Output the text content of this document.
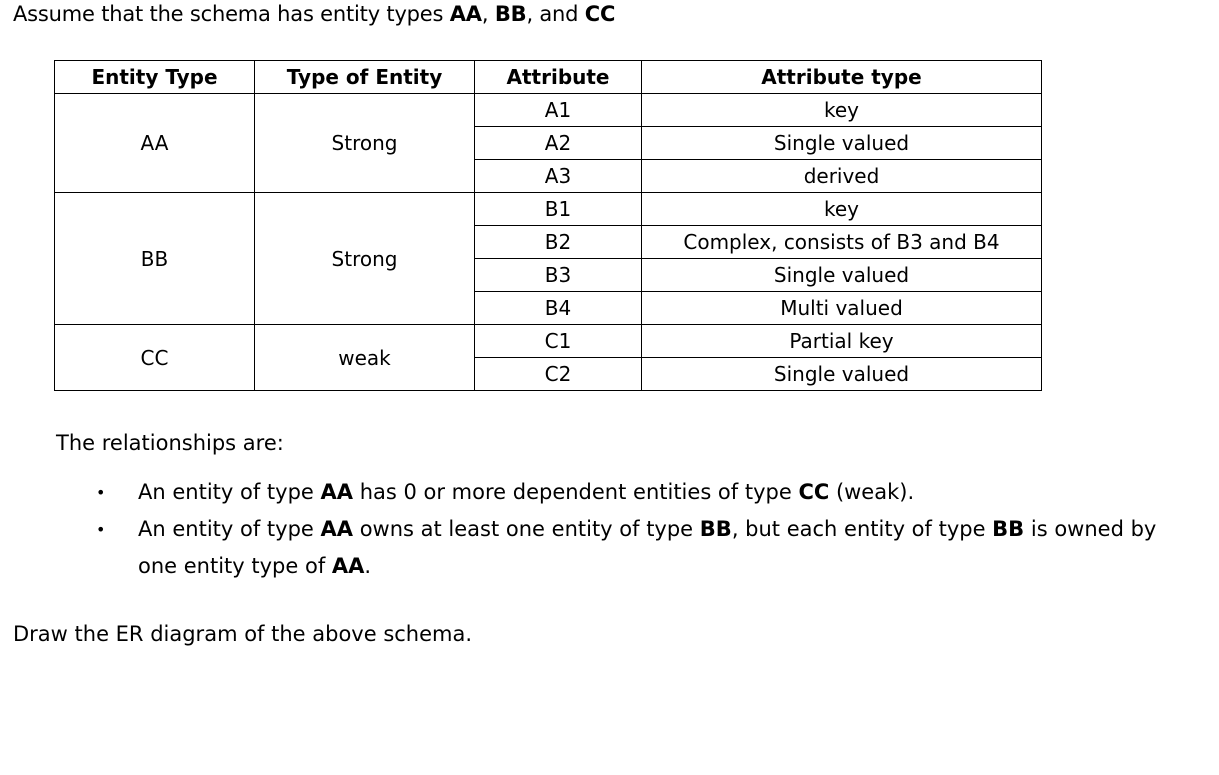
Assume that the schema has entity types AA, BB, and CC
Entity Type	Type of Entity	Attribute	Attribute type
AA	Strong	A1	key
		A2	Single valued
		A3	derived
BB	Strong	B1	key
		B2	Complex, consists of B3 and B4
		B3	Single valued
		B4	Multi valued
CC	weak	C1	Partial key
		C2	Single valued
The relationships are:
• An entity of type AA has 0 or more dependent entities of type CC (weak).
• An entity of type AA owns at least one entity of type BB, but each entity of type BB is owned by one entity type of AA.
Draw the ER diagram of the above schema.
